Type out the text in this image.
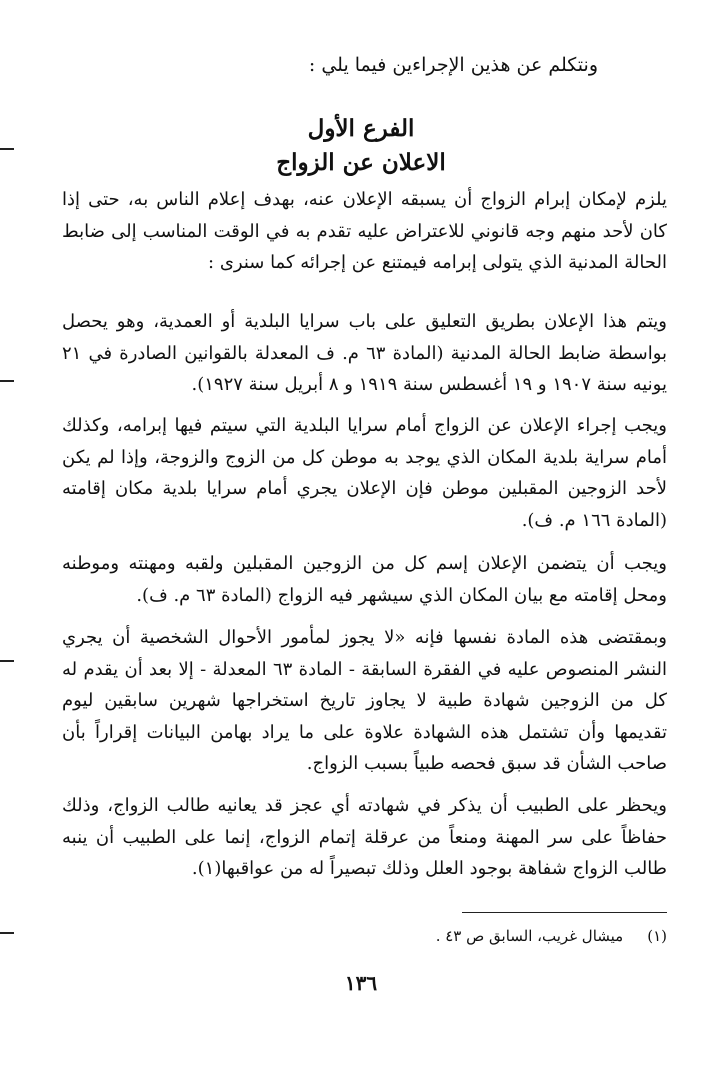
ونتكلم عن هذين الإجراءين فيما يلي :
الفرع الأول
الاعلان عن الزواج

يلزم لإمكان إبرام الزواج أن يسبقه الإعلان عنه، بهدف إعلام الناس به، حتى إذا كان لأحد منهم وجه قانوني للاعتراض عليه تقدم به في الوقت المناسب إلى ضابط الحالة المدنية الذي يتولى إبرامه فيمتنع عن إجرائه كما سنرى :

ويتم هذا الإعلان بطريق التعليق على باب سرايا البلدية أو العمدية، وهو يحصل بواسطة ضابط الحالة المدنية (المادة ٦٣ م. ف المعدلة بالقوانين الصادرة في ٢١ يونيه سنة ١٩٠٧ و ١٩ أغسطس سنة ١٩١٩ و ٨ أبريل سنة ١٩٢٧).

ويجب إجراء الإعلان عن الزواج أمام سرايا البلدية التي سيتم فيها إبرامه، وكذلك أمام سراية بلدية المكان الذي يوجد به موطن كل من الزوج والزوجة، وإذا لم يكن لأحد الزوجين المقبلين موطن فإن الإعلان يجري أمام سرايا بلدية مكان إقامته (المادة ١٦٦ م. ف).

ويجب أن يتضمن الإعلان إسم كل من الزوجين المقبلين ولقبه ومهنته وموطنه ومحل إقامته مع بيان المكان الذي سيشهر فيه الزواج (المادة ٦٣ م. ف).

وبمقتضى هذه المادة نفسها فإنه «لا يجوز لمأمور الأحوال الشخصية أن يجري النشر المنصوص عليه في الفقرة السابقة - المادة ٦٣ المعدلة - إلا بعد أن يقدم له كل من الزوجين شهادة طبية لا يجاوز تاريخ استخراجها شهرين سابقين ليوم تقديمها وأن تشتمل هذه الشهادة علاوة على ما يراد بهامن البيانات إقراراً بأن صاحب الشأن قد سبق فحصه طبياً بسبب الزواج.

ويحظر على الطبيب أن يذكر في شهادته أي عجز قد يعانيه طالب الزواج، وذلك حفاظاً على سر المهنة ومنعاً من عرقلة إتمام الزواج، إنما على الطبيب أن ينبه طالب الزواج شفاهة بوجود العلل وذلك تبصيراً له من عواقبها(١).

(١)ميشال غريب، السابق ص ٤٣ .
١٣٦
